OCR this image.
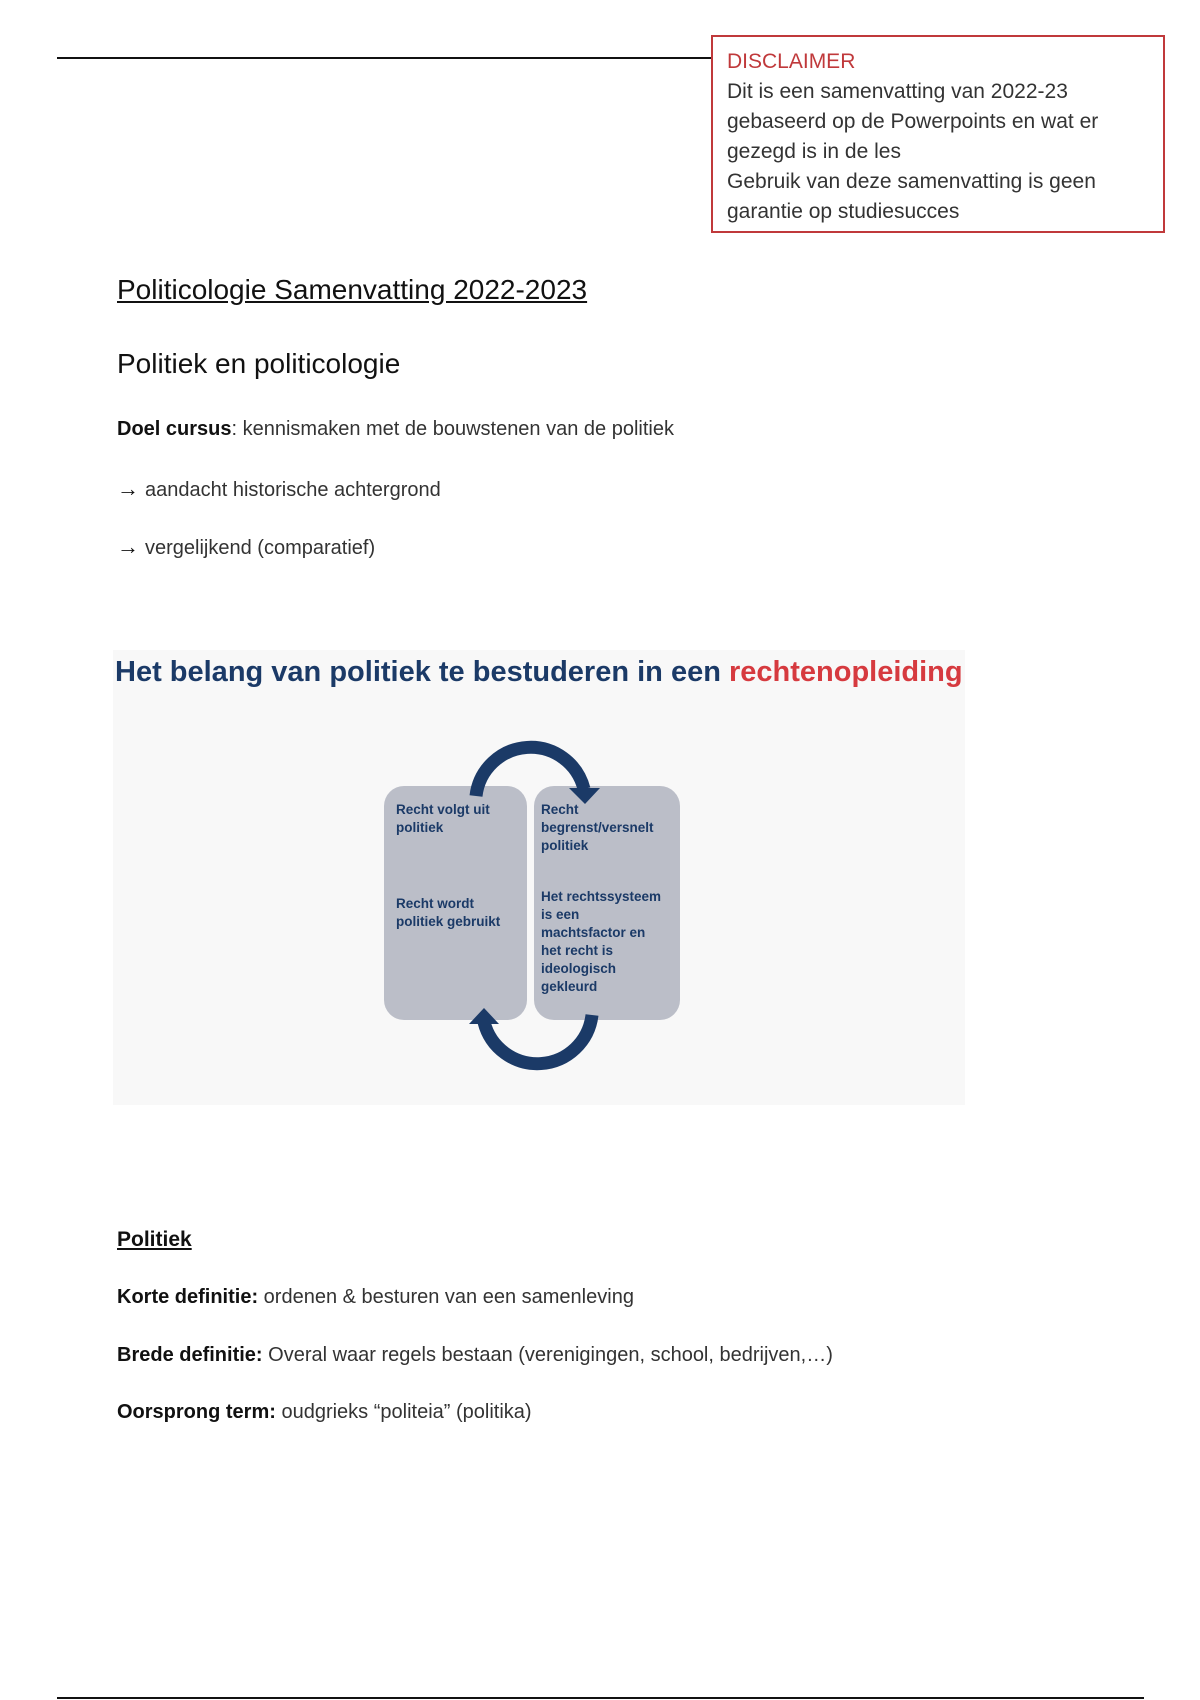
DISCLAIMER
Dit is een samenvatting van 2022-23
gebaseerd op de Powerpoints en wat er
gezegd is in de les
Gebruik van deze samenvatting is geen
garantie op studiesucces
Politicologie Samenvatting 2022-2023
Politiek en politicologie
Doel cursus: kennismaken met de bouwstenen van de politiek
→ aandacht historische achtergrond
→ vergelijkend (comparatief)
Het belang van politiek te bestuderen in een rechtenopleiding
Recht volgt uit politiek
Recht wordt politiek gebruikt
Recht begrenst/versnelt politiek
Het rechtssysteem is een machtsfactor en het recht is ideologisch gekleurd
Politiek
Korte definitie: ordenen & besturen van een samenleving
Brede definitie: Overal waar regels bestaan (verenigingen, school, bedrijven,…)
Oorsprong term: oudgrieks “politeia” (politika)
